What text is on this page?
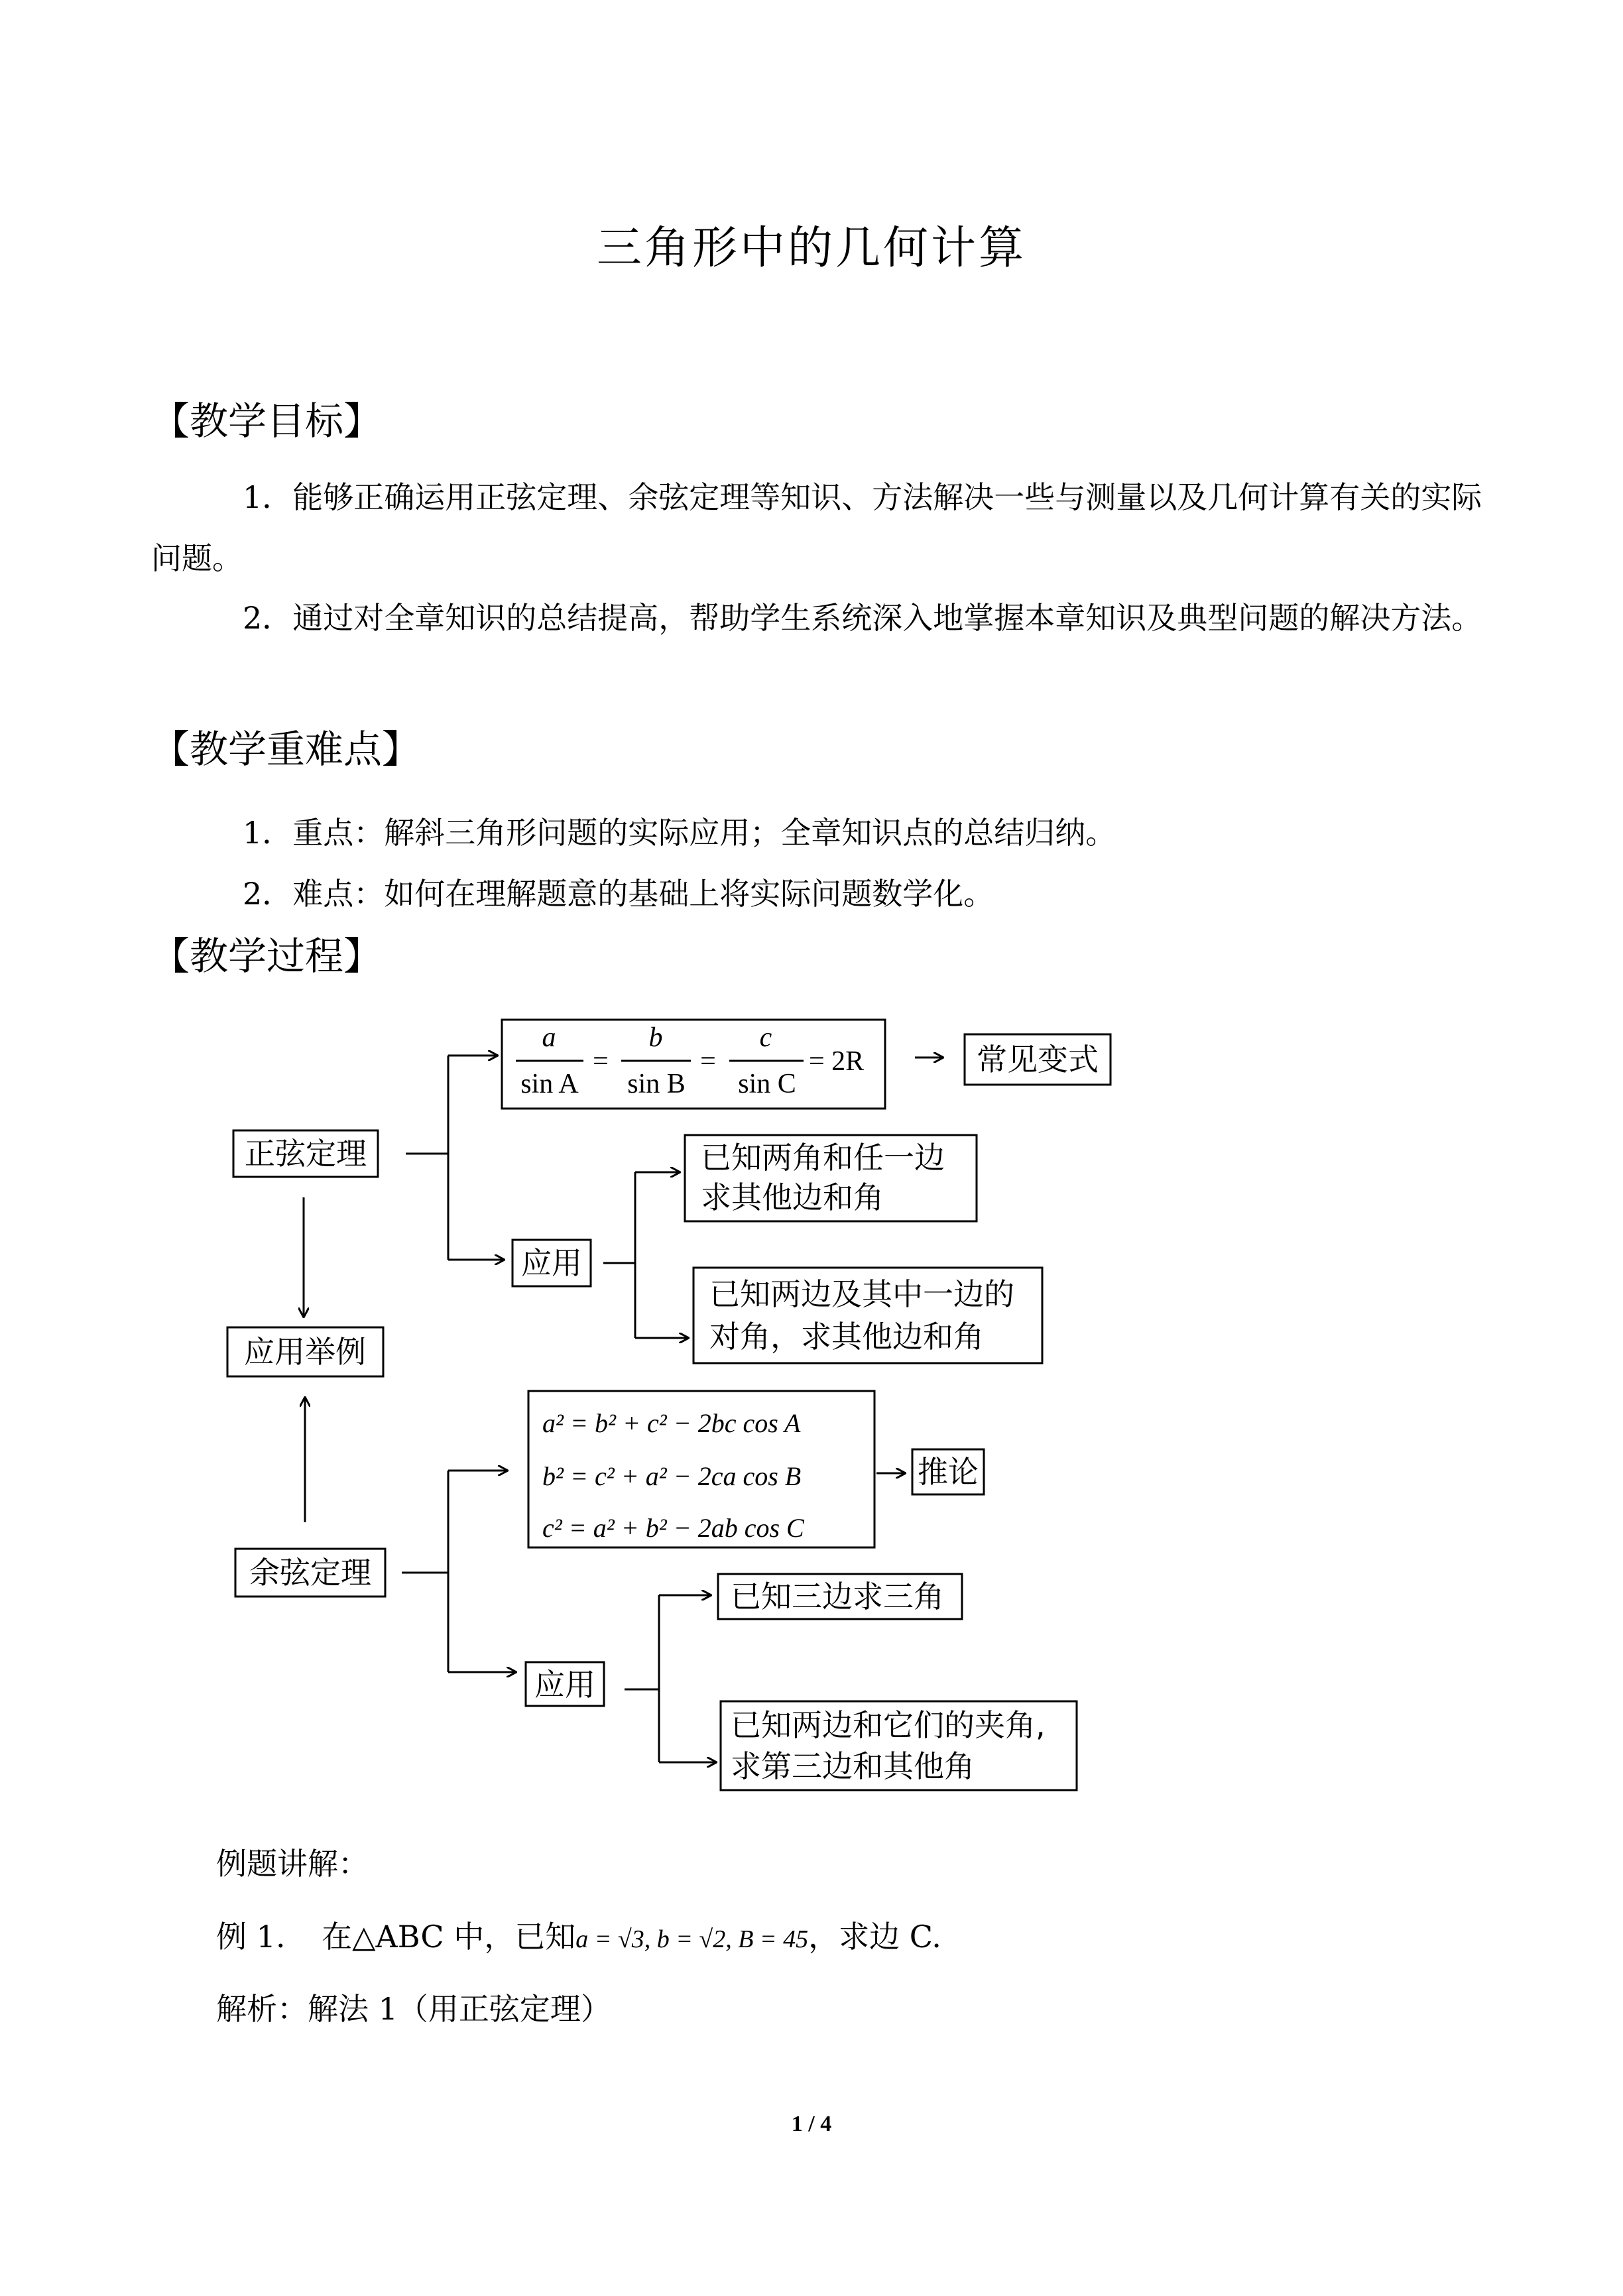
三角形中的几何计算
【教学目标】
1．能够正确运用正弦定理、余弦定理等知识、方法解决一些与测量以及几何计算有关的实际问题。
2．通过对全章知识的总结提高，帮助学生系统深入地掌握本章知识及典型问题的解决方法。
【教学重难点】
1．重点：解斜三角形问题的实际应用；全章知识点的总结归纳。
2．难点：如何在理解题意的基础上将实际问题数学化。
【教学过程】
正弦定理
a
sin A
=
b
sin B
=
c
sin C
= 2R	常见变式
应用
已知两角和任一边
求其他边和角
已知两边及其中一边的
对角，求其他边和角
应用举例
余弦定理
a² = b² + c² − 2bc cos A
b² = c² + a² − 2ca cos B
c² = a² + b² − 2ab cos C
推论
应用
已知三边求三角
已知两边和它们的夹角,
求第三边和其他角
例题讲解：
例 1. 在△ABC 中，已知a = √3, b = √2, B = 45，求边 C.
解析：解法 1（用正弦定理）
1 / 4
